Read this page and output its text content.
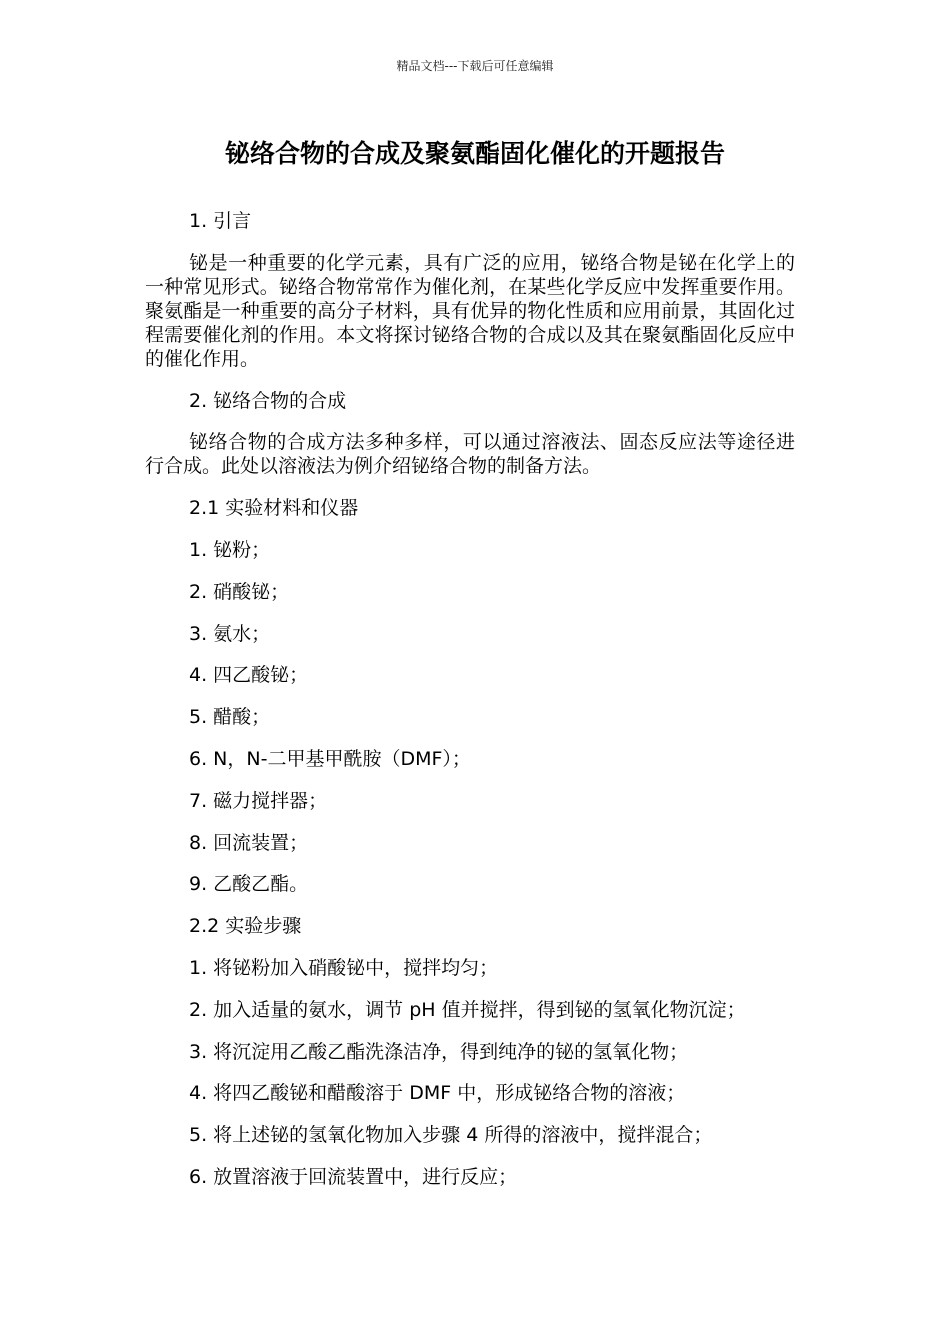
精品文档---下载后可任意编辑
铋络合物的合成及聚氨酯固化催化的开题报告

1. 引言

铋是一种重要的化学元素，具有广泛的应用，铋络合物是铋在化学上的一种常见形式。铋络合物常常作为催化剂，在某些化学反应中发挥重要作用。聚氨酯是一种重要的高分子材料，具有优异的物化性质和应用前景，其固化过程需要催化剂的作用。本文将探讨铋络合物的合成以及其在聚氨酯固化反应中的催化作用。

2. 铋络合物的合成

铋络合物的合成方法多种多样，可以通过溶液法、固态反应法等途径进行合成。此处以溶液法为例介绍铋络合物的制备方法。

2.1 实验材料和仪器

1. 铋粉；

2. 硝酸铋；

3. 氨水；

4. 四乙酸铋；

5. 醋酸；

6. N，N-二甲基甲酰胺（DMF）；

7. 磁力搅拌器；

8. 回流装置；

9. 乙酸乙酯。

2.2 实验步骤

1. 将铋粉加入硝酸铋中，搅拌均匀；

2. 加入适量的氨水，调节 pH 值并搅拌，得到铋的氢氧化物沉淀；

3. 将沉淀用乙酸乙酯洗涤洁净，得到纯净的铋的氢氧化物；

4. 将四乙酸铋和醋酸溶于 DMF 中，形成铋络合物的溶液；

5. 将上述铋的氢氧化物加入步骤 4 所得的溶液中，搅拌混合；

6. 放置溶液于回流装置中，进行反应；
